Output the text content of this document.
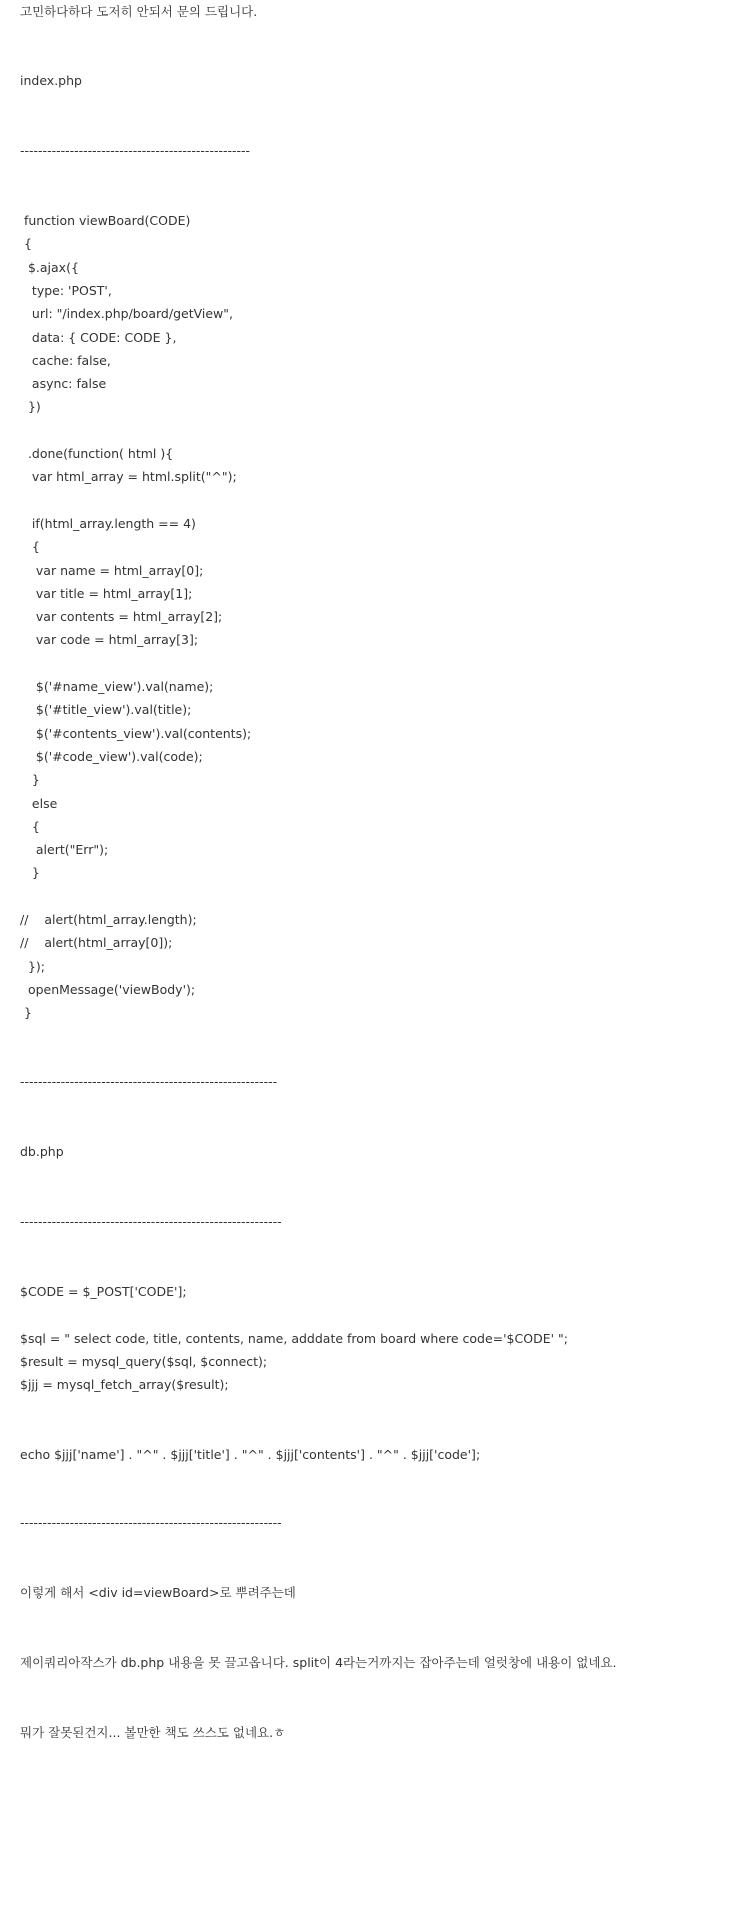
고민하다하다 도저히 안되서 문의 드립니다.
index.php
---------------------------------------------------
function viewBoard(CODE)
{
$.ajax({
type: 'POST',
url: "/index.php/board/getView",
data: { CODE: CODE },
cache: false,
async: false
})
.done(function( html ){
var html_array = html.split("^");
if(html_array.length == 4)
{
var name = html_array[0];
var title = html_array[1];
var contents = html_array[2];
var code = html_array[3];
$('#name_view').val(name);
$('#title_view').val(title);
$('#contents_view').val(contents);
$('#code_view').val(code);
}
else
{
alert("Err");
}
//    alert(html_array.length);
//    alert(html_array[0]);
});
openMessage('viewBody');
}
---------------------------------------------------------
db.php
----------------------------------------------------------
$CODE = $_POST['CODE'];
$sql = " select code, title, contents, name, adddate from board where code='$CODE' ";
$result = mysql_query($sql, $connect);
$jjj = mysql_fetch_array($result);
echo $jjj['name'] . "^" . $jjj['title'] . "^" . $jjj['contents'] . "^" . $jjj['code'];
----------------------------------------------------------
이렇게 해서 <div id=viewBoard>로 뿌려주는데
제이쿼리아작스가 db.php 내용을 못 끌고옵니다. split이 4라는거까지는 잡아주는데 얼럿창에 내용이 없네요.
뭐가 잘못된건지... 볼만한 책도 쓰스도 없네요.ㅎ
